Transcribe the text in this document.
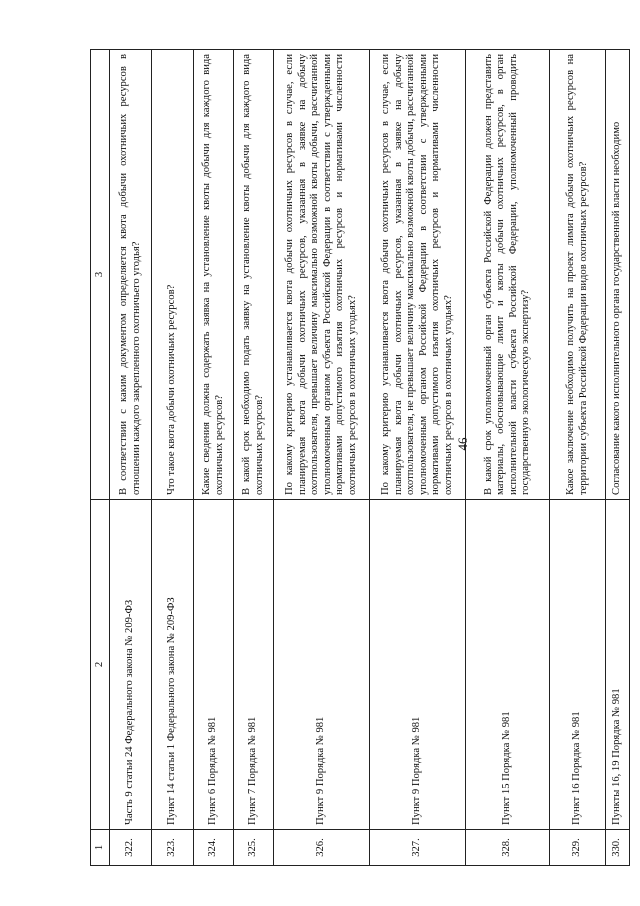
46
1	2	3
322.	Часть 9 статьи 24 Федерального закона № 209-ФЗ	В соответствии с каким документом определяется квота добычи охотничьих ресурсов в отношении каждого закрепленного охотничьего угодья?
323.	Пункт 14 статьи 1 Федерального закона № 209-ФЗ	Что такое квота добычи охотничьих ресурсов?
324.	Пункт 6 Порядка № 981	Какие сведения должна содержать заявка на установление квоты добычи для каждого вида охотничьих ресурсов?
325.	Пункт 7 Порядка № 981	В какой срок необходимо подать заявку на установление квоты добычи для каждого вида охотничьих ресурсов?
326.	Пункт 9 Порядка № 981	По какому критерию устанавливается квота добычи охотничьих ресурсов в случае, если планируемая квота добычи охотничьих ресурсов, указанная в заявке на добычу охотпользователя, превышает величину максимально возможной квоты добычи, рассчитанной уполномоченным органом субъекта Российской Федерации в соответствии с утвержденными нормативами допустимого изъятия охотничьих ресурсов и нормативами численности охотничьих ресурсов в охотничьих угодьях?
327.	Пункт 9 Порядка № 981	По какому критерию устанавливается квота добычи охотничьих ресурсов в случае, если планируемая квота добычи охотничьих ресурсов, указанная в заявке на добычу охотпользователя, не превышает величину максимально возможной квоты добычи, рассчитанной уполномоченным органом Российской Федерации в соответствии с утвержденными нормативами допустимого изъятия охотничьих ресурсов и нормативами численности охотничьих ресурсов в охотничьих угодьях?
328.	Пункт 15 Порядка № 981	В какой срок уполномоченный орган субъекта Российской Федерации должен представить материалы, обосновывающие лимит и квоты добычи охотничьих ресурсов, в орган исполнительной власти субъекта Российской Федерации, уполномоченный проводить государственную экологическую экспертизу?
329.	Пункт 16 Порядка № 981	Какое заключение необходимо получить на проект лимита добычи охотничьих ресурсов на территории субъекта Российской Федерации видов охотничьих ресурсов?
330.	Пункты 16, 19 Порядка № 981	Согласование какого исполнительного органа государственной власти необходимо
